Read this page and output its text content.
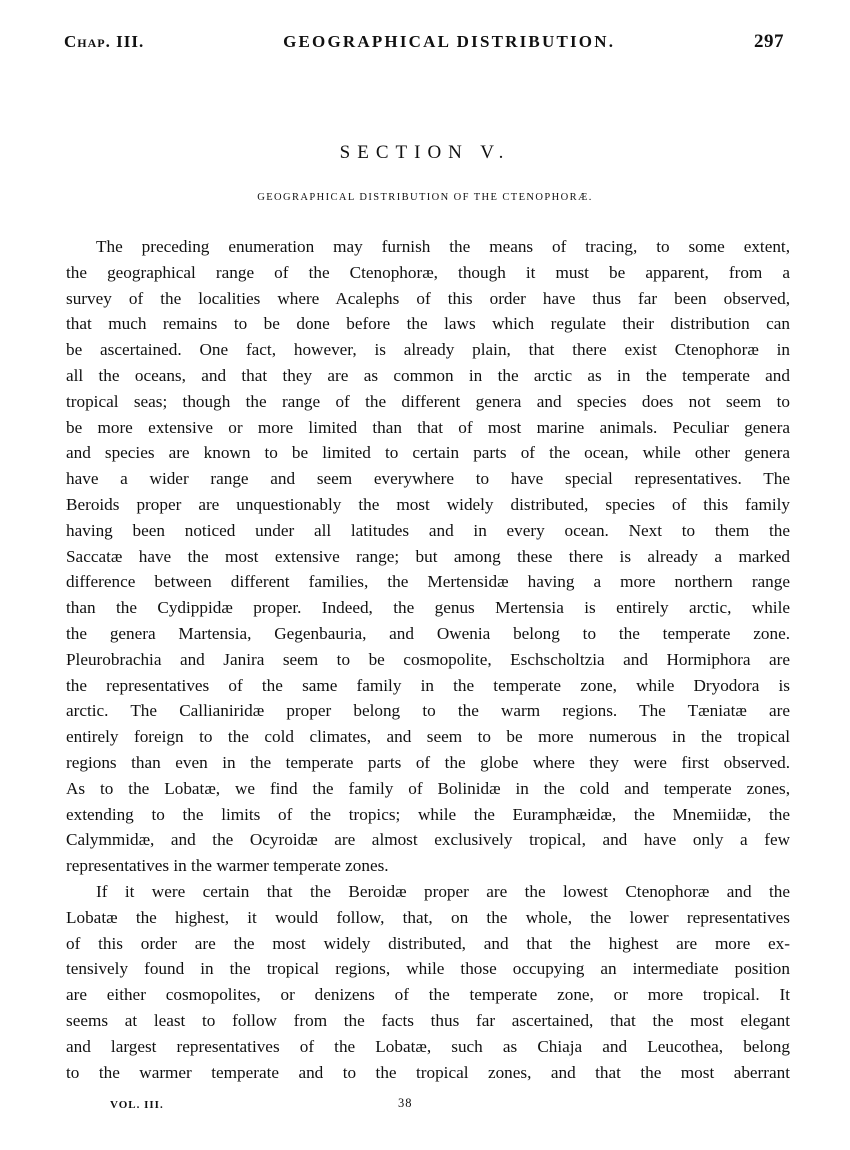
Chap. III.	GEOGRAPHICAL DISTRIBUTION.	297
SECTION V.
GEOGRAPHICAL DISTRIBUTION OF THE CTENOPHORÆ.
The preceding enumeration may furnish the means of tracing, to some extent,
the geographical range of the Ctenophoræ, though it must be apparent, from a
survey of the localities where Acalephs of this order have thus far been observed,
that much remains to be done before the laws which regulate their distribution can
be ascertained. One fact, however, is already plain, that there exist Ctenophoræ in
all the oceans, and that they are as common in the arctic as in the temperate and
tropical seas; though the range of the different genera and species does not seem to
be more extensive or more limited than that of most marine animals. Peculiar genera
and species are known to be limited to certain parts of the ocean, while other genera
have a wider range and seem everywhere to have special representatives. The
Beroids proper are unquestionably the most widely distributed, species of this family
having been noticed under all latitudes and in every ocean. Next to them the
Saccatæ have the most extensive range; but among these there is already a marked
difference between different families, the Mertensidæ having a more northern range
than the Cydippidæ proper. Indeed, the genus Mertensia is entirely arctic, while
the genera Martensia, Gegenbauria, and Owenia belong to the temperate zone.
Pleurobrachia and Janira seem to be cosmopolite, Eschscholtzia and Hormiphora are
the representatives of the same family in the temperate zone, while Dryodora is
arctic. The Callianiridæ proper belong to the warm regions. The Tæniatæ are
entirely foreign to the cold climates, and seem to be more numerous in the tropical
regions than even in the temperate parts of the globe where they were first observed.
As to the Lobatæ, we find the family of Bolinidæ in the cold and temperate zones,
extending to the limits of the tropics; while the Euramphæidæ, the Mnemiidæ, the
Calymmidæ, and the Ocyroidæ are almost exclusively tropical, and have only a few
representatives in the warmer temperate zones.
If it were certain that the Beroidæ proper are the lowest Ctenophoræ and the
Lobatæ the highest, it would follow, that, on the whole, the lower representatives
of this order are the most widely distributed, and that the highest are more ex-
tensively found in the tropical regions, while those occupying an intermediate position
are either cosmopolites, or denizens of the temperate zone, or more tropical. It
seems at least to follow from the facts thus far ascertained, that the most elegant
and largest representatives of the Lobatæ, such as Chiaja and Leucothea, belong
to the warmer temperate and to the tropical zones, and that the most aberrant
VOL. III.	38
